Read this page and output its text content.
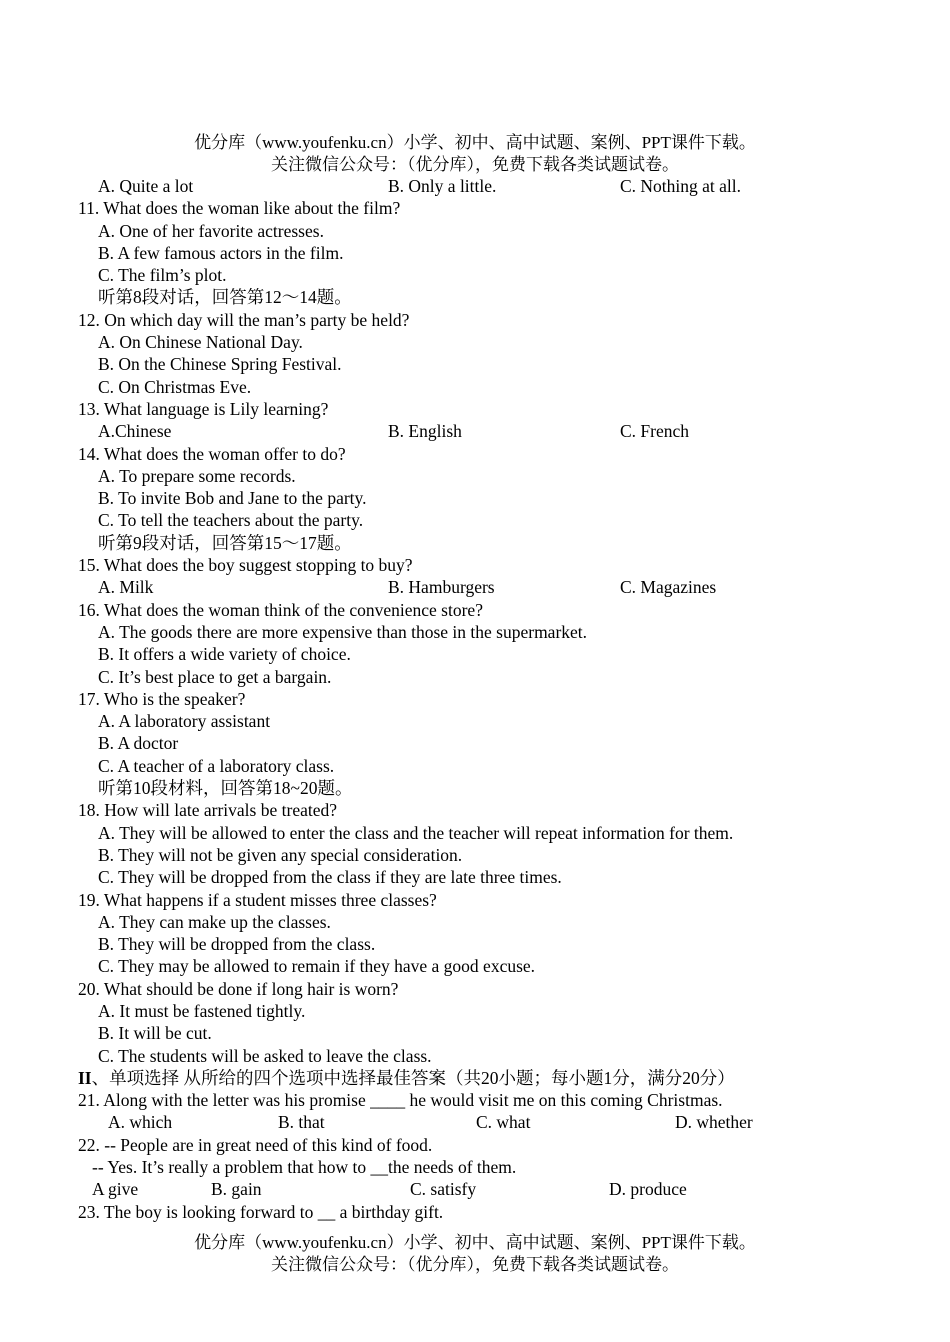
优分库（www.youfenku.cn）小学、初中、高中试题、案例、PPT课件下载。
关注微信公众号：（优分库），免费下载各类试题试卷。
A. Quite a lot	B. Only a little.	C. Nothing at all.
11. What does the woman like about the film?
A. One of her favorite actresses.
B. A few famous actors in the film.
C. The film’s plot.
听第8段对话，回答第12～14题。
12. On which day will the man’s party be held?
A. On Chinese National Day.
B. On the Chinese Spring Festival.
C. On Christmas Eve.
13. What language is Lily learning?
A.Chinese	B. English	C. French
14. What does the woman offer to do?
A. To prepare some records.
B. To invite Bob and Jane to the party.
C. To tell the teachers about the party.
听第9段对话，回答第15～17题。
15. What does the boy suggest stopping to buy?
A. Milk	B. Hamburgers	C. Magazines
16. What does the woman think of the convenience store?
A. The goods there are more expensive than those in the supermarket.
B. It offers a wide variety of choice.
C. It’s best place to get a bargain.
17. Who is the speaker?
A. A laboratory assistant
B. A doctor
C. A teacher of a laboratory class.
听第10段材料，回答第18~20题。
18. How will late arrivals be treated?
A. They will be allowed to enter the class and the teacher will repeat information for them.
B. They will not be given any special consideration.
C. They will be dropped from the class if they are late three times.
19. What happens if a student misses three classes?
A. They can make up the classes.
B. They will be dropped from the class.
C. They may be allowed to remain if they have a good excuse.
20. What should be done if long hair is worn?
A. It must be fastened tightly.
B. It will be cut.
C. The students will be asked to leave the class.
II、单项选择 从所给的四个选项中选择最佳答案（共20小题；每小题1分，满分20分）
21. Along with the letter was his promise ____ he would visit me on this coming Christmas.
A. which	B. that	C. what	D. whether
22. -- People are in great need of this kind of food.
-- Yes. It’s really a problem that how to __the needs of them.
A give	B. gain	C. satisfy	D. produce
23. The boy is looking forward to __ a birthday gift.
优分库（www.youfenku.cn）小学、初中、高中试题、案例、PPT课件下载。
关注微信公众号：（优分库），免费下载各类试题试卷。
